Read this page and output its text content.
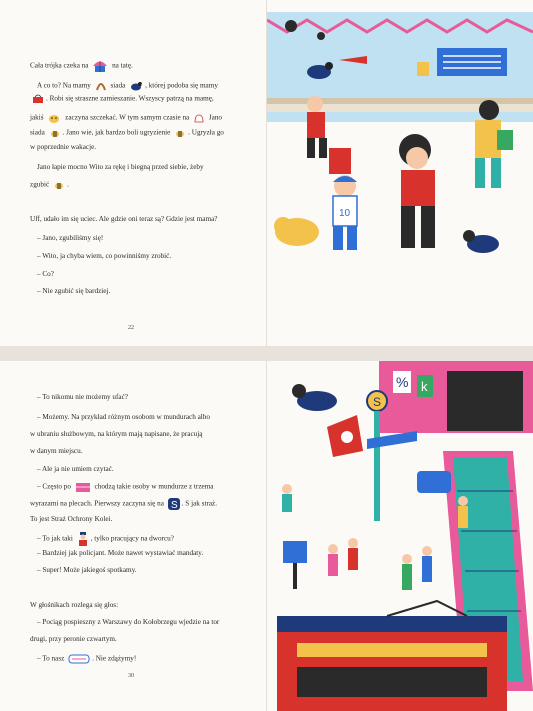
Cała trójka czeka na	na tatę.
A co to? Na mamy  siada	, której podoba się mamy
. Robi się straszne zamieszanie. Wszyscy patrzą na mamę,
jakiś	zaczyna szczekać. W tym samym czasie na  Jano
siada . Jano wie, jak bardzo boli ugryzienie . Ugryzła go
w poprzednie wakacje.
Jano łapie mocno Wito za rękę i biegną przed siebie, żeby
zgubić .
Uff, udało im się uciec. Ale gdzie oni teraz są? Gdzie jest mama?
– Jano, zgubiliśmy się!
– Wito, ja chyba wiem, co powinniśmy zrobić.
– Co?
– Nie zgubić się bardziej.
22
10
– To nikomu nie możemy ufać?
– Możemy. Na przykład różnym osobom w mundurach albo
w ubraniu służbowym, na którym mają napisane, że pracują
w danym miejscu.
– Ale ja nie umiem czytać.
– Często po	chodzą takie osoby w mundurze z trzema
wyrazami na plecach. Pierwszy zaczyna się na S . S jak straż.
To jest Straż Ochrony Kolei.
– To jak taki , tylko pracujący na dworcu?
– Bardziej jak policjant. Może nawet wystawiać mandaty.
– Super! Może jakiegoś spotkamy.
W głośnikach rozlega się głos:
– Pociąg pospieszny z Warszawy do Kołobrzegu wjedzie na tor
drugi, przy peronie czwartym.
– To nasz	. Nie zdążymy!
30
% k
S
